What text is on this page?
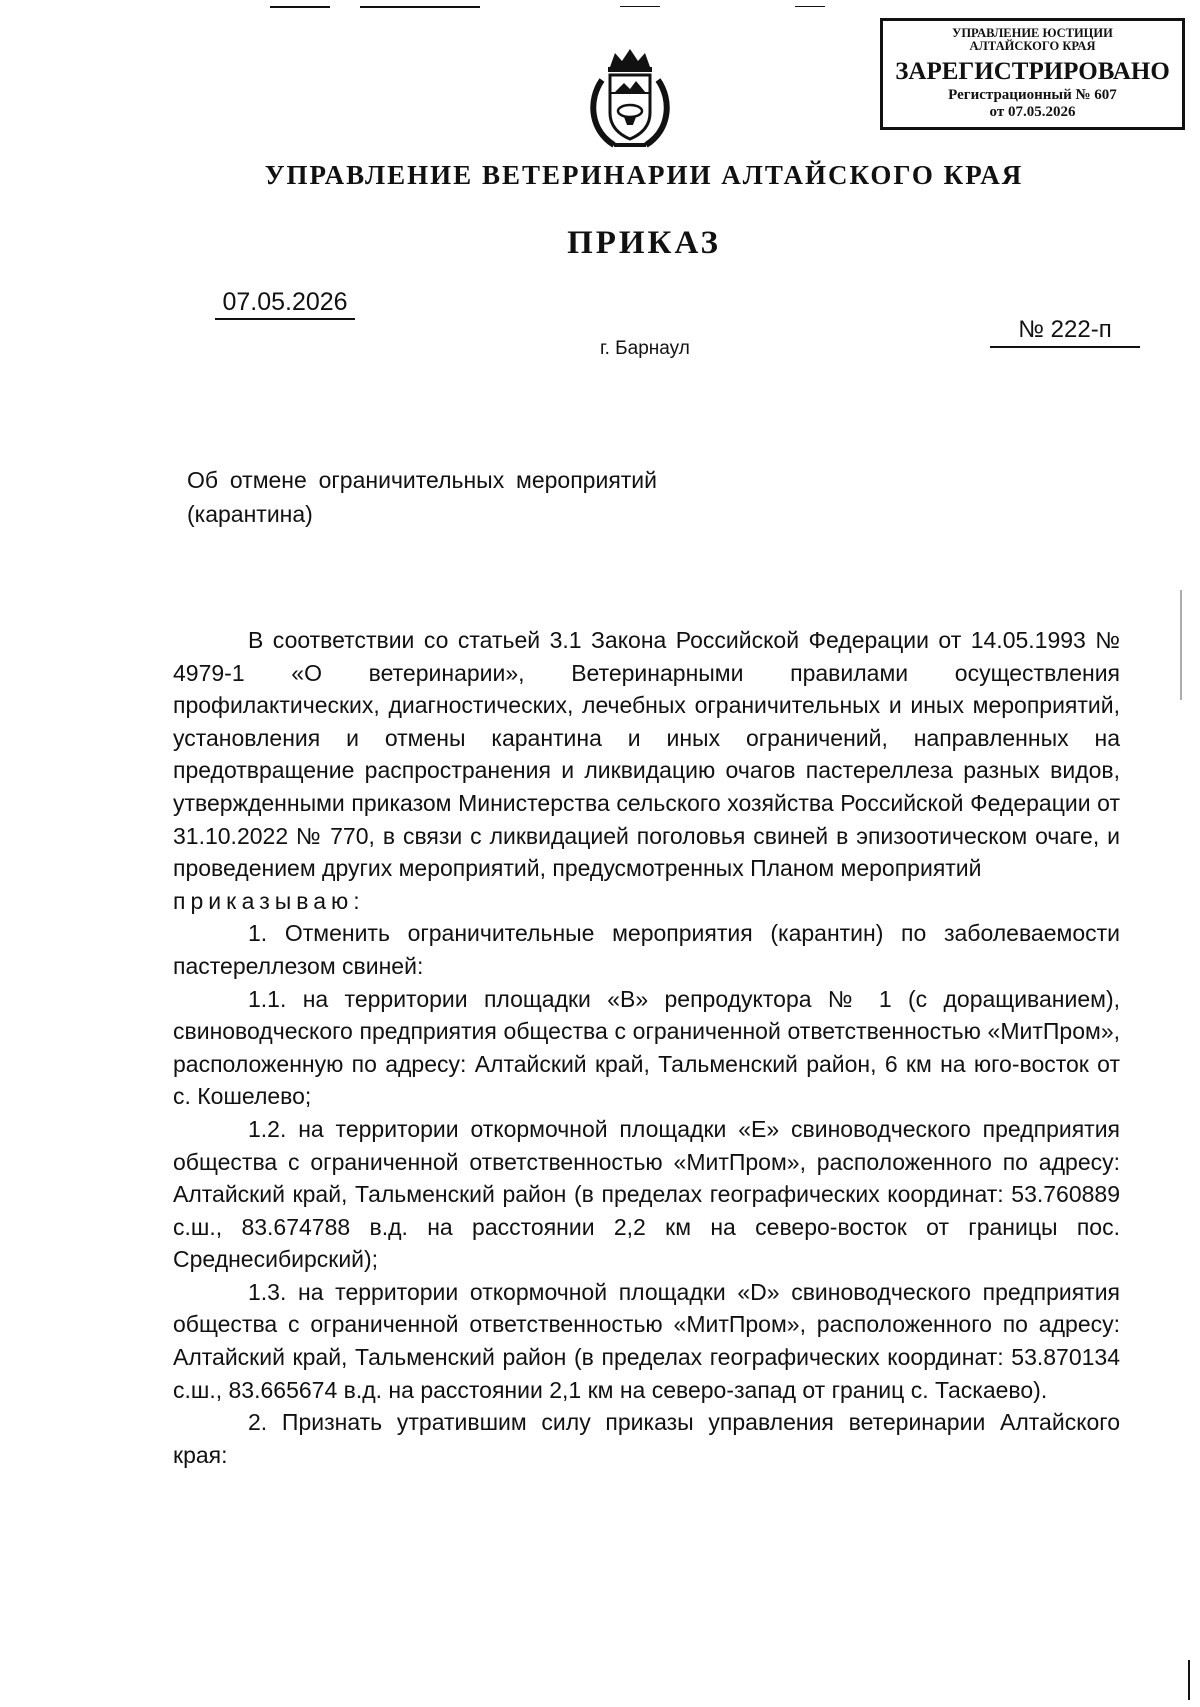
УПРАВЛЕНИЕ ЮСТИЦИИ
АЛТАЙСКОГО КРАЯ
ЗАРЕГИСТРИРОВАНО
Регистрационный № 607
от 07.05.2026
УПРАВЛЕНИЕ ВЕТЕРИНАРИИ АЛТАЙСКОГО КРАЯ
ПРИКАЗ
07.05.2026
г. Барнаул
№ 222-п
Об отмене ограничительных мероприятий (карантина)

В соответствии со статьей 3.1 Закона Российской Федерации от 14.05.1993 № 4979-1 «О ветеринарии», Ветеринарными правилами осуществления профилактических, диагностических, лечебных ограничительных и иных мероприятий, установления и отмены карантина и иных ограничений, направленных на предотвращение распространения и ликвидацию очагов пастереллеза разных видов, утвержденными приказом Министерства сельского хозяйства Российской Федерации от 31.10.2022 № 770, в связи с ликвидацией поголовья свиней в эпизоотическом очаге, и проведением других мероприятий, предусмотренных Планом мероприятий

приказываю:

1. Отменить ограничительные мероприятия (карантин) по заболеваемости пастереллезом свиней:

1.1. на территории площадки «В» репродуктора № 1 (с доращиванием), свиноводческого предприятия общества с ограниченной ответственностью «МитПром», расположенную по адресу: Алтайский край, Тальменский район, 6 км на юго-восток от с. Кошелево;

1.2. на территории откормочной площадки «Е» свиноводческого предприятия общества с ограниченной ответственностью «МитПром», расположенного по адресу: Алтайский край, Тальменский район (в пределах географических координат: 53.760889 с.ш., 83.674788 в.д. на расстоянии 2,2 км на северо-восток от границы пос. Среднесибирский);

1.3. на территории откормочной площадки «D» свиноводческого предприятия общества с ограниченной ответственностью «МитПром», расположенного по адресу: Алтайский край, Тальменский район (в пределах географических координат: 53.870134 с.ш., 83.665674 в.д. на расстоянии 2,1 км на северо-запад от границ с. Таскаево).

2. Признать утратившим силу приказы управления ветеринарии Алтайского края:
